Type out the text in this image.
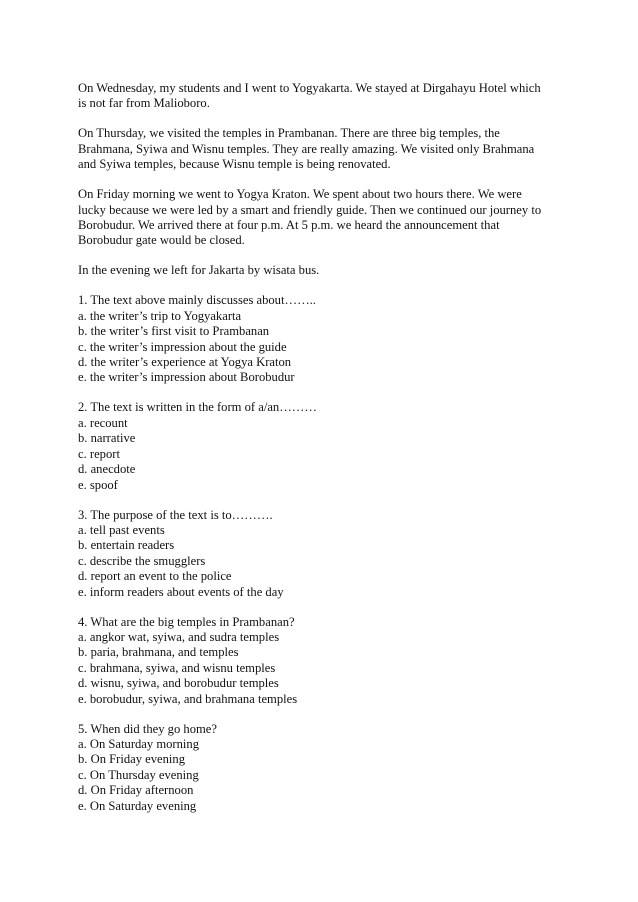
On Wednesday, my students and I went to Yogyakarta. We stayed at Dirgahayu Hotel which
is not far from Malioboro.

On Thursday, we visited the temples in Prambanan. There are three big temples, the
Brahmana, Syiwa and Wisnu temples. They are really amazing. We visited only Brahmana
and Syiwa temples, because Wisnu temple is being renovated.

On Friday morning we went to Yogya Kraton. We spent about two hours there. We were
lucky because we were led by a smart and friendly guide. Then we continued our journey to
Borobudur. We arrived there at four p.m. At 5 p.m. we heard the announcement that
Borobudur gate would be closed.

In the evening we left for Jakarta by wisata bus.

1. The text above mainly discusses about……..

a. the writer’s trip to Yogyakarta

b. the writer’s first visit to Prambanan

c. the writer’s impression about the guide

d. the writer’s experience at Yogya Kraton

e. the writer’s impression about Borobudur

2. The text is written in the form of a/an………

a. recount

b. narrative

c. report

d. anecdote

e. spoof

3. The purpose of the text is to……….

a. tell past events

b. entertain readers

c. describe the smugglers

d. report an event to the police

e. inform readers about events of the day

4. What are the big temples in Prambanan?

a. angkor wat, syiwa, and sudra temples

b. paria, brahmana, and temples

c. brahmana, syiwa, and wisnu temples

d. wisnu, syiwa, and borobudur temples

e. borobudur, syiwa, and brahmana temples

5. When did they go home?

a. On Saturday morning

b. On Friday evening

c. On Thursday evening

d. On Friday afternoon

e. On Saturday evening
